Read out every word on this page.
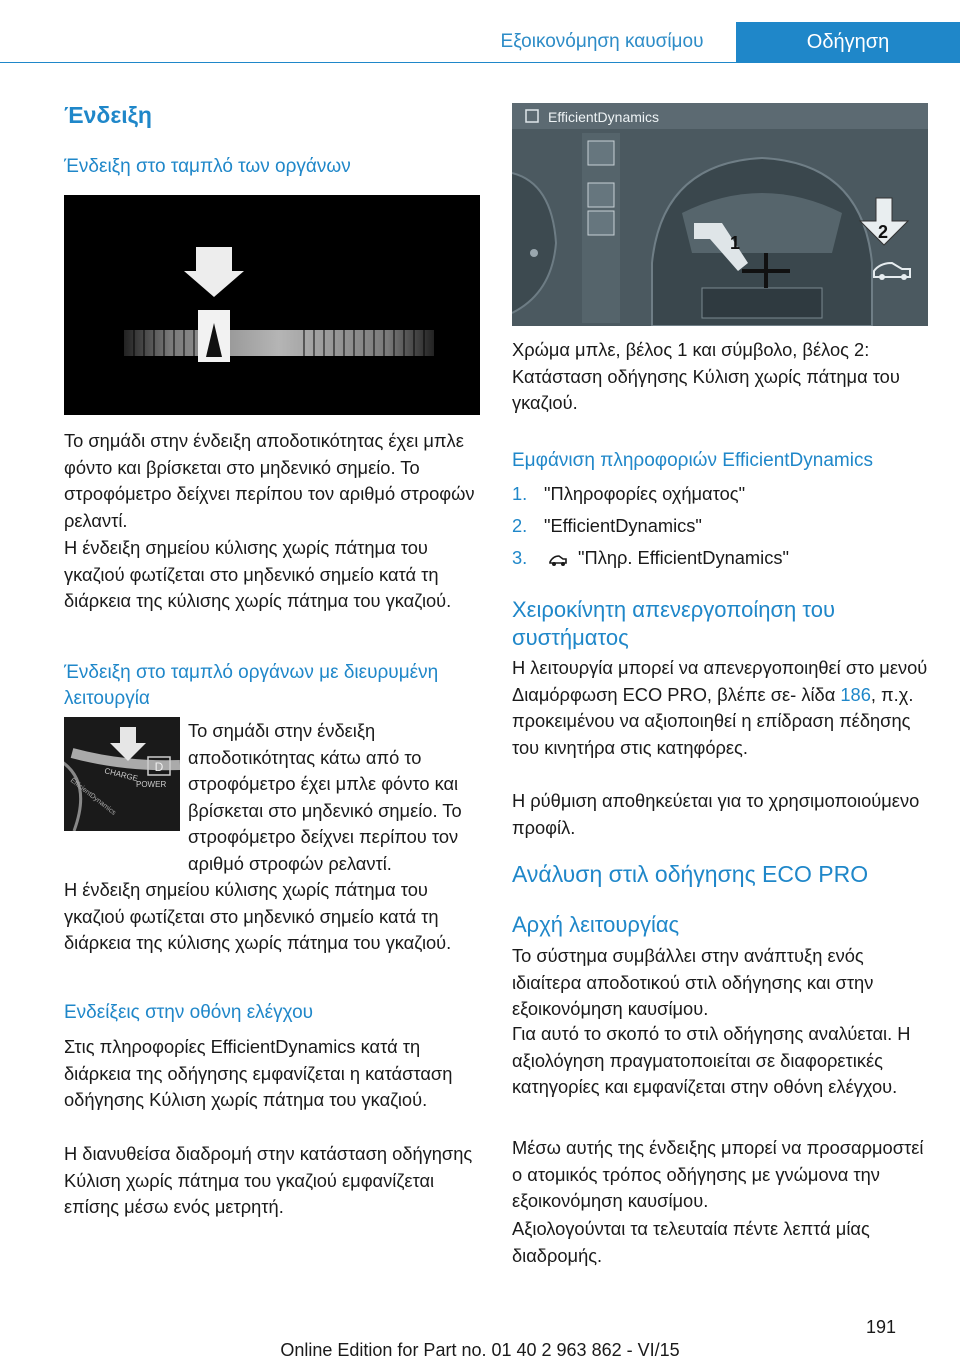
Εξοικονόμηση καυσίμου	Οδήγηση
Ένδειξη
Ένδειξη στο ταμπλό των οργάνων
Το σημάδι στην ένδειξη αποδοτικότητας έχει μπλε φόντο και βρίσκεται στο μηδενικό σημείο. Το στροφόμετρο δείχνει περίπου τον αριθμό στροφών ρελαντί.
Η ένδειξη σημείου κύλισης χωρίς πάτημα του γκαζιού φωτίζεται στο μηδενικό σημείο κατά τη διάρκεια της κύλισης χωρίς πάτημα του γκαζιού.
Ένδειξη στο ταμπλό οργάνων με διευρυμένη λειτουργία
D
CHARGE
POWER
EfficientDynamics
Το σημάδι στην ένδειξη αποδοτικότητας κάτω από το στροφόμετρο έχει μπλε φόντο και βρίσκεται στο μηδενικό σημείο. Το στροφόμετρο δείχνει περίπου τον αριθμό στροφών ρελαντί.
Η ένδειξη σημείου κύλισης χωρίς πάτημα του γκαζιού φωτίζεται στο μηδενικό σημείο κατά τη διάρκεια της κύλισης χωρίς πάτημα του γκαζιού.
Ενδείξεις στην οθόνη ελέγχου
Στις πληροφορίες EfficientDynamics κατά τη διάρκεια της οδήγησης εμφανίζεται η κατάσταση οδήγησης Κύλιση χωρίς πάτημα του γκαζιού.
Η διανυθείσα διαδρομή στην κατάσταση οδήγησης Κύλιση χωρίς πάτημα του γκαζιού εμφανίζεται επίσης μέσω ενός μετρητή.
EfficientDynamics
1
2
Χρώμα μπλε, βέλος 1 και σύμβολο, βέλος 2: Κατάσταση οδήγησης Κύλιση χωρίς πάτημα του γκαζιού.
Εμφάνιση πληροφοριών EfficientDynamics
1. "Πληροφορίες οχήματος"
2. "EfficientDynamics"
3.	"Πληρ. EfficientDynamics"
Χειροκίνητη απενεργοποίηση του συστήματος
Η λειτουργία μπορεί να απενεργοποιηθεί στο μενού Διαμόρφωση ECO PRO, βλέπε σε- λίδα 186, π.χ. προκειμένου να αξιοποιηθεί η επίδραση πέδησης του κινητήρα στις κατηφόρες.
Η ρύθμιση αποθηκεύεται για το χρησιμοποιούμενο προφίλ.
Ανάλυση στιλ οδήγησης ECO PRO
Αρχή λειτουργίας
Το σύστημα συμβάλλει στην ανάπτυξη ενός ιδιαίτερα αποδοτικού στιλ οδήγησης και στην εξοικονόμηση καυσίμου.
Για αυτό το σκοπό το στιλ οδήγησης αναλύεται. Η αξιολόγηση πραγματοποιείται σε διαφορετικές κατηγορίες και εμφανίζεται στην οθόνη ελέγχου.
Μέσω αυτής της ένδειξης μπορεί να προσαρμοστεί ο ατομικός τρόπος οδήγησης με γνώμονα την εξοικονόμηση καυσίμου.
Αξιολογούνται τα τελευταία πέντε λεπτά μίας διαδρομής.
191
Online Edition for Part no. 01 40 2 963 862 - VI/15
